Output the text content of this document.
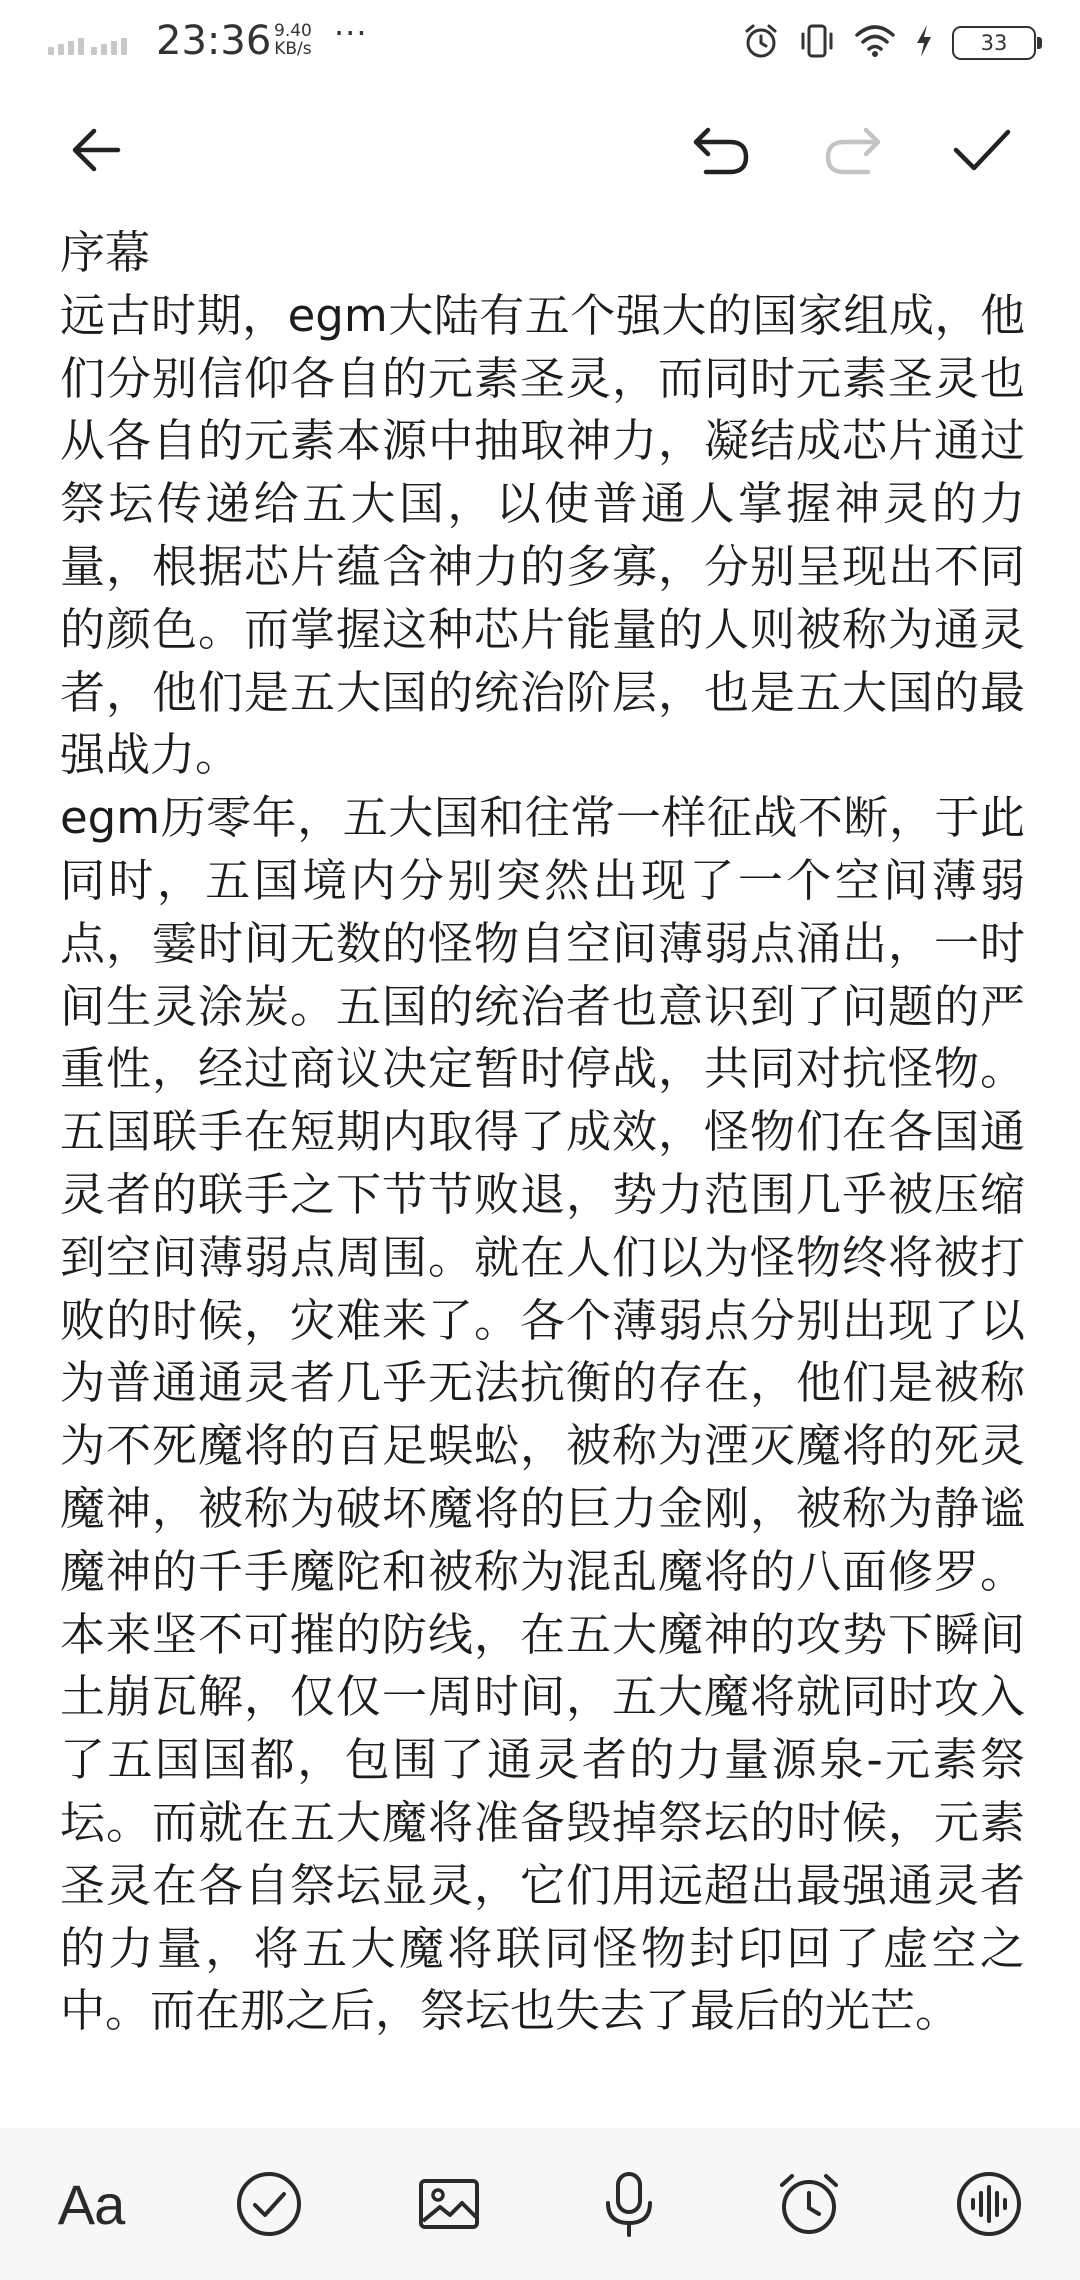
23:36 9.40
KB/s ···	33

序幕

远古时期，egm大陆有五个强大的国家组成，他们分别信仰各自的元素圣灵，而同时元素圣灵也从各自的元素本源中抽取神力，凝结成芯片通过祭坛传递给五大国，以使普通人掌握神灵的力量，根据芯片蕴含神力的多寡，分别呈现出不同的颜色。而掌握这种芯片能量的人则被称为通灵者，他们是五大国的统治阶层，也是五大国的最强战力。

egm历零年，五大国和往常一样征战不断，于此同时，五国境内分别突然出现了一个空间薄弱点，霎时间无数的怪物自空间薄弱点涌出，一时间生灵涂炭。五国的统治者也意识到了问题的严重性，经过商议决定暂时停战，共同对抗怪物。五国联手在短期内取得了成效，怪物们在各国通灵者的联手之下节节败退，势力范围几乎被压缩到空间薄弱点周围。就在人们以为怪物终将被打败的时候，灾难来了。各个薄弱点分别出现了以为普通通灵者几乎无法抗衡的存在，他们是被称为不死魔将的百足蜈蚣，被称为湮灭魔将的死灵魔神，被称为破坏魔将的巨力金刚，被称为静谧魔神的千手魔陀和被称为混乱魔将的八面修罗。本来坚不可摧的防线，在五大魔神的攻势下瞬间土崩瓦解，仅仅一周时间，五大魔将就同时攻入了五国国都，包围了通灵者的力量源泉-元素祭坛。而就在五大魔将准备毁掉祭坛的时候，元素圣灵在各自祭坛显灵，它们用远超出最强通灵者的力量，将五大魔将联同怪物封印回了虚空之中。而在那之后，祭坛也失去了最后的光芒。

Aa
